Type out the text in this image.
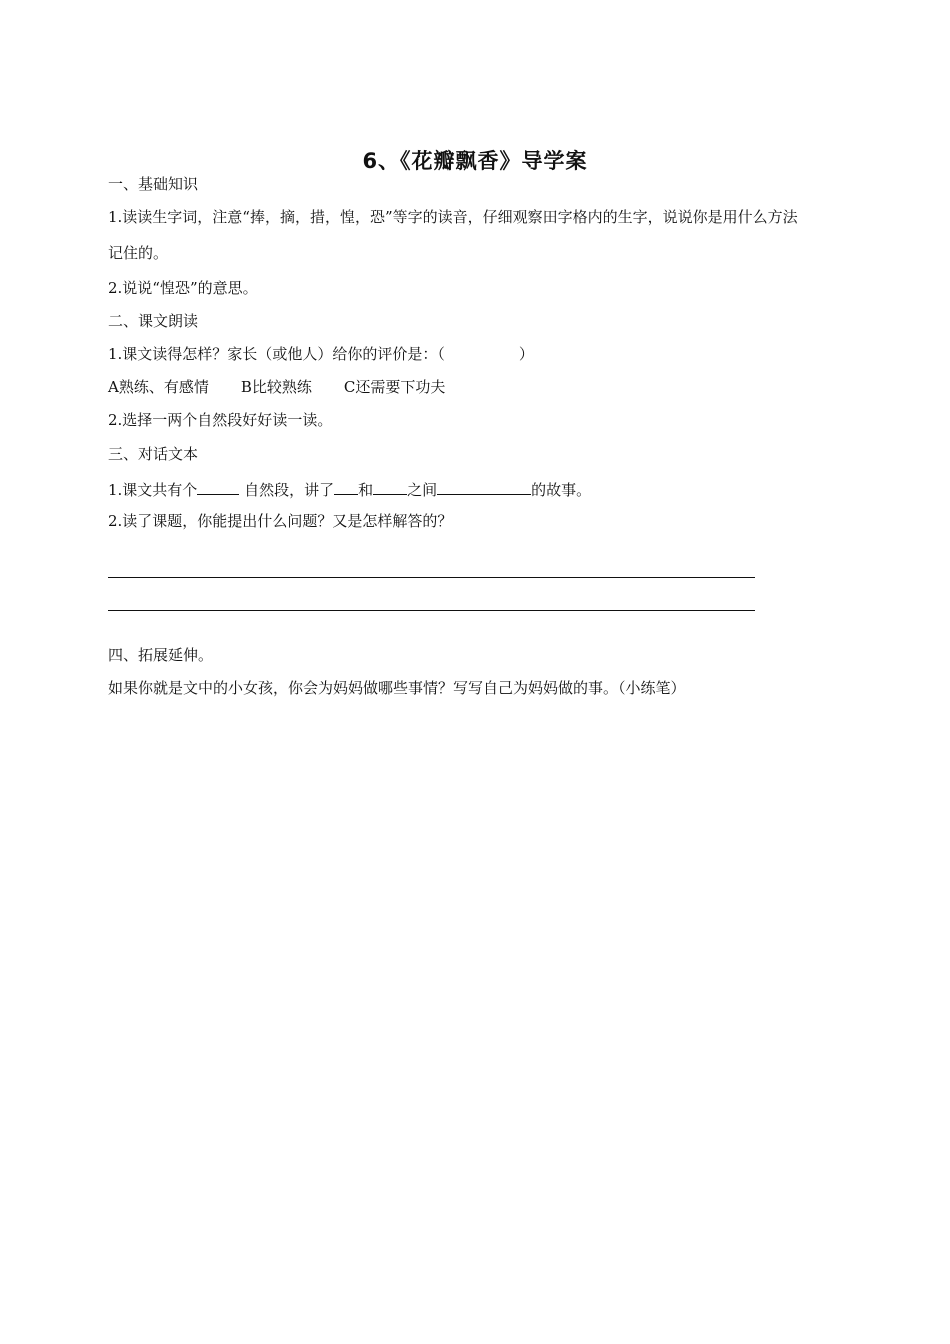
6、《花瓣飘香》导学案
一、基础知识
1.读读生字词，注意“捧，摘，措，惶，恐”等字的读音，仔细观察田字格内的生字，说说你是用什么方法
记住的。
2.说说“惶恐”的意思。
二、课文朗读
1.课文读得怎样？家长（或他人）给你的评价是：（	）
A熟练、有感情 B比较熟练 C还需要下功夫
2.选择一两个自然段好好读一读。
三、对话文本
1.课文共有个	自然段，讲了 和 之间	的故事。
2.读了课题，你能提出什么问题？又是怎样解答的？
四、拓展延伸。
如果你就是文中的小女孩，你会为妈妈做哪些事情？写写自己为妈妈做的事。（小练笔）
